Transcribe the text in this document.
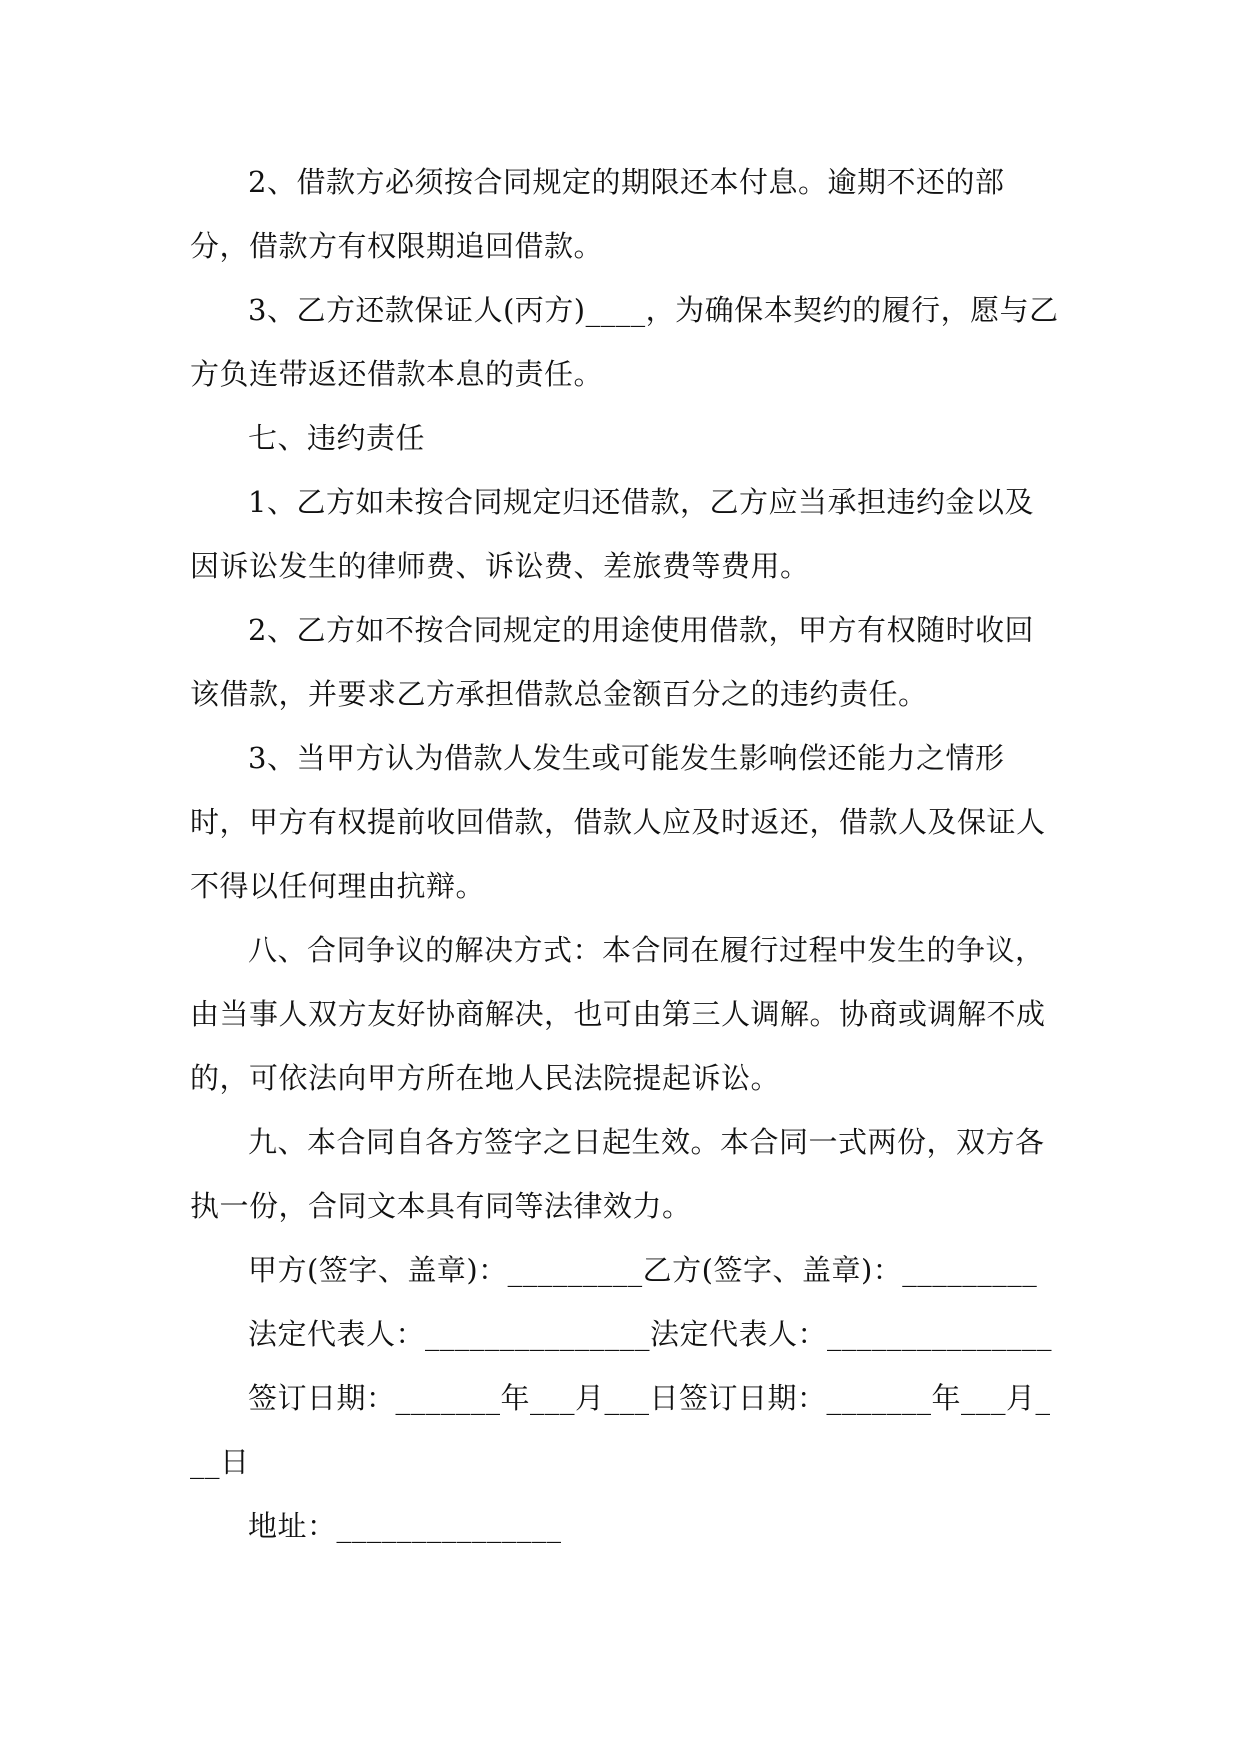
2、借款方必须按合同规定的期限还本付息。逾期不还的部分，借款方有权限期追回借款。

3、乙方还款保证人(丙方)____，为确保本契约的履行，愿与乙方负连带返还借款本息的责任。

七、违约责任

1、乙方如未按合同规定归还借款，乙方应当承担违约金以及因诉讼发生的律师费、诉讼费、差旅费等费用。

2、乙方如不按合同规定的用途使用借款，甲方有权随时收回该借款，并要求乙方承担借款总金额百分之的违约责任。

3、当甲方认为借款人发生或可能发生影响偿还能力之情形时，甲方有权提前收回借款，借款人应及时返还，借款人及保证人不得以任何理由抗辩。

八、合同争议的解决方式：本合同在履行过程中发生的争议，由当事人双方友好协商解决，也可由第三人调解。协商或调解不成的，可依法向甲方所在地人民法院提起诉讼。

九、本合同自各方签字之日起生效。本合同一式两份，双方各执一份，合同文本具有同等法律效力。

甲方(签字、盖章)：_________乙方(签字、盖章)：_________

法定代表人：_______________法定代表人：_______________

签订日期：_______年___月___日签订日期：_______年___月___日

地址：_______________
